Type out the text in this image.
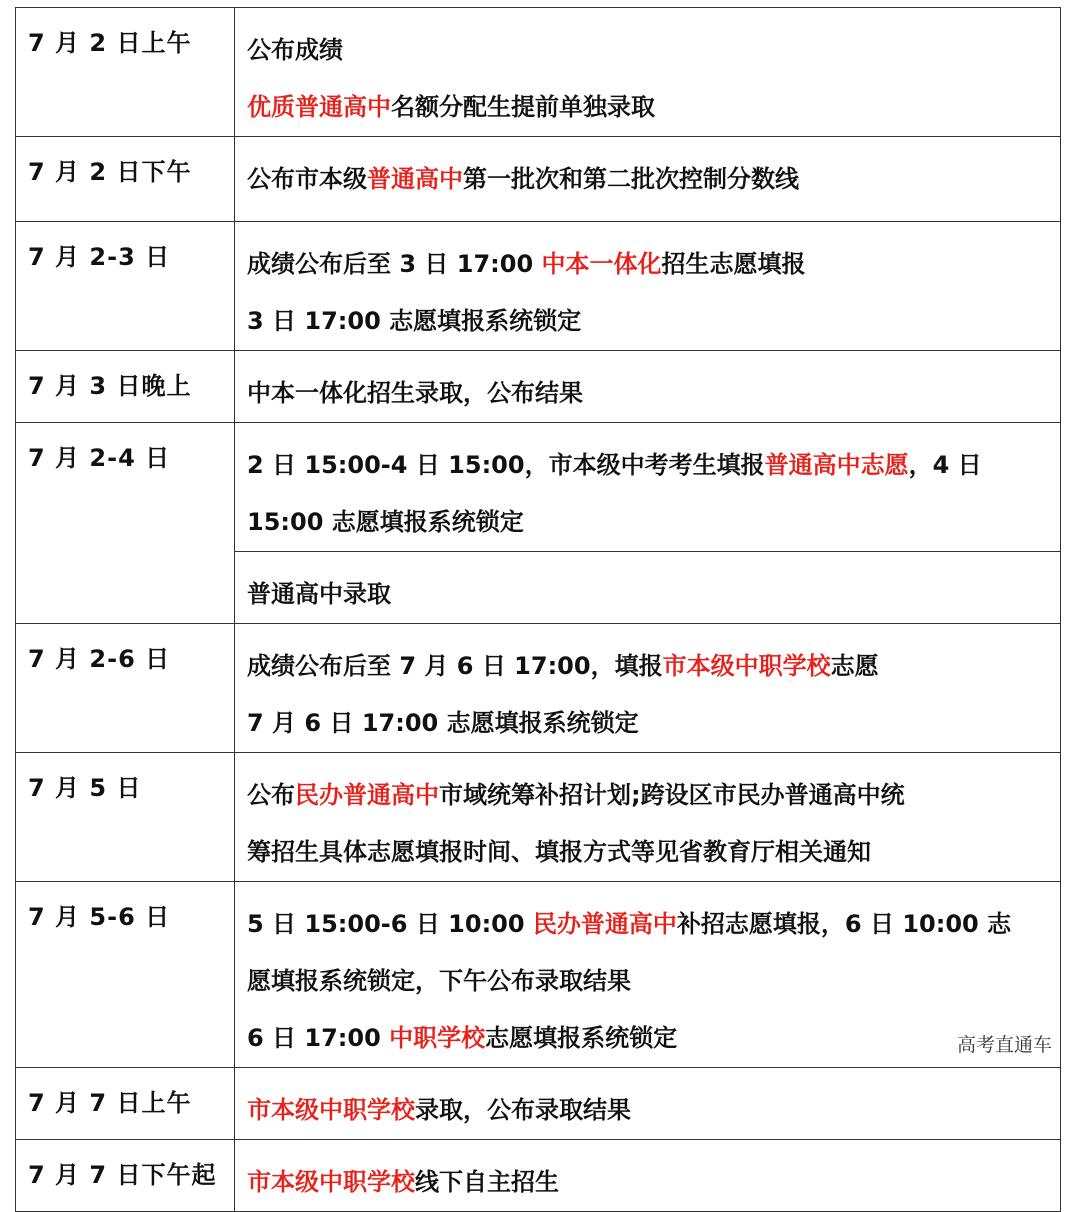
7 月 2 日上午	公布成绩
优质普通高中名额分配生提前单独录取

7 月 2 日下午	公布市本级普通高中第一批次和第二批次控制分数线

7 月 2-3 日	成绩公布后至 3 日 17:00 中本一体化招生志愿填报
3 日 17:00 志愿填报系统锁定

7 月 3 日晚上	中本一体化招生录取，公布结果

7 月 2-4 日	2 日 15:00-4 日 15:00，市本级中考考生填报普通高中志愿，4 日
15:00 志愿填报系统锁定

	普通高中录取

7 月 2-6 日	成绩公布后至 7 月 6 日 17:00，填报市本级中职学校志愿
7 月 6 日 17:00 志愿填报系统锁定

7 月 5 日	公布民办普通高中市域统筹补招计划;跨设区市民办普通高中统
筹招生具体志愿填报时间、填报方式等见省教育厅相关通知

7 月 5-6 日	5 日 15:00-6 日 10:00 民办普通高中补招志愿填报，6 日 10:00 志
愿填报系统锁定，下午公布录取结果
6 日 17:00 中职学校志愿填报系统锁定

7 月 7 日上午	市本级中职学校录取，公布录取结果

7 月 7 日下午起	市本级中职学校线下自主招生
高考直通车
